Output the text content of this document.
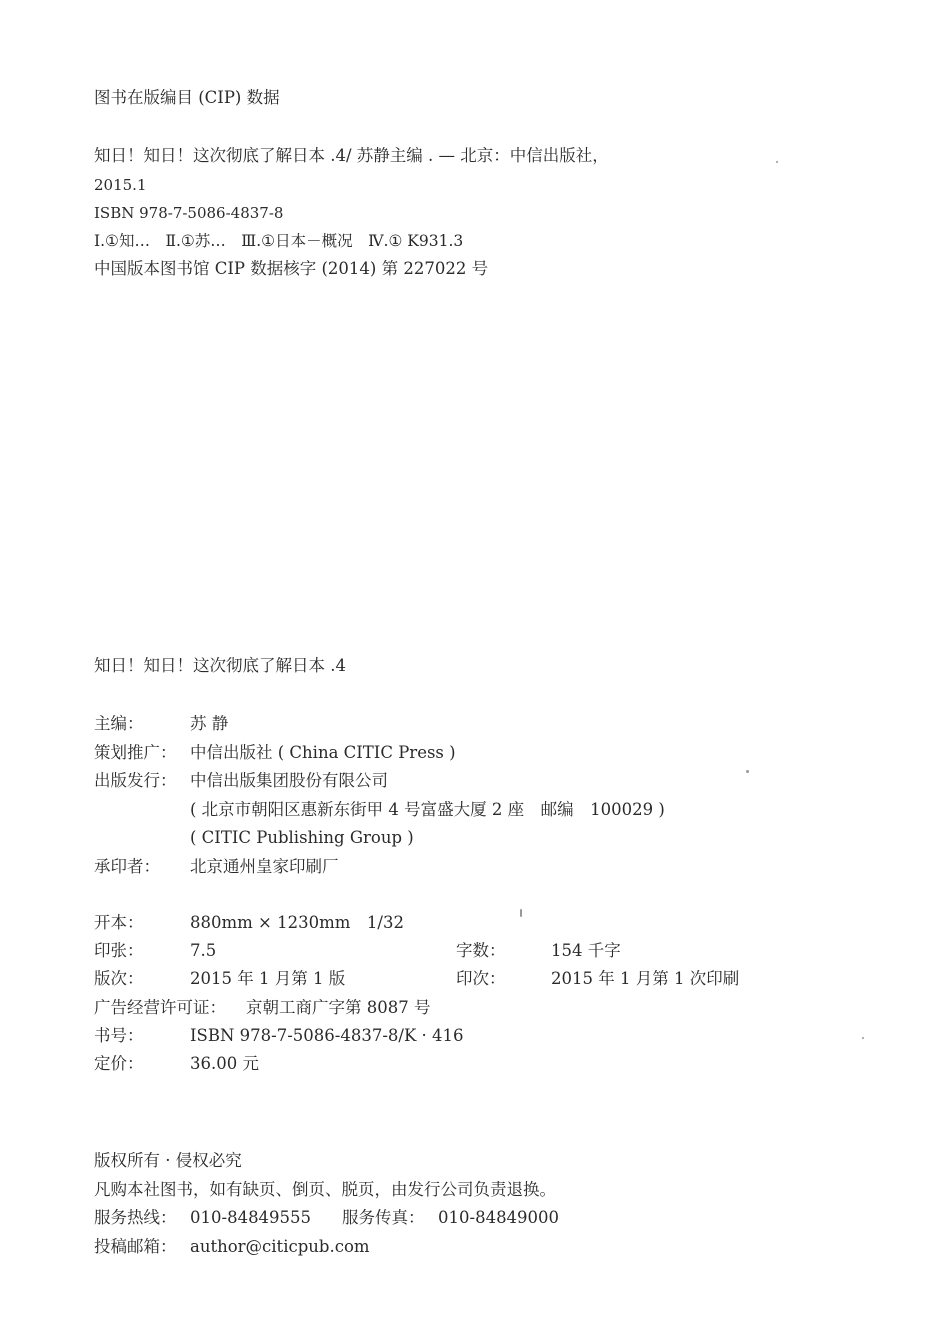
图书在版编目 (CIP) 数据
知日！知日！这次彻底了解日本 .4/ 苏静主编 . — 北京：中信出版社，
2015.1
ISBN 978-7-5086-4837-8
Ⅰ.①知…　Ⅱ.①苏…　Ⅲ.①日本－概况　Ⅳ.① K931.3
中国版本图书馆 CIP 数据核字 (2014) 第 227022 号
知日！知日！这次彻底了解日本 .4
主编：	苏 静
策划推广： 中信出版社 ( China CITIC Press )
出版发行： 中信出版集团股份有限公司
( 北京市朝阳区惠新东街甲 4 号富盛大厦 2 座　邮编　100029 )
( CITIC Publishing Group )
承印者： 北京通州皇家印刷厂
开本：	880mm × 1230mm　1/32
印张：	7.5	字数：	154 千字
版次：	2015 年 1 月第 1 版	印次：	2015 年 1 月第 1 次印刷
广告经营许可证： 京朝工商广字第 8087 号
书号：	ISBN 978-7-5086-4837-8/K · 416
定价：	36.00 元
版权所有 · 侵权必究
凡购本社图书，如有缺页、倒页、脱页，由发行公司负责退换。
服务热线： 010-84849555 服务传真： 010-84849000
投稿邮箱： author@citicpub.com
